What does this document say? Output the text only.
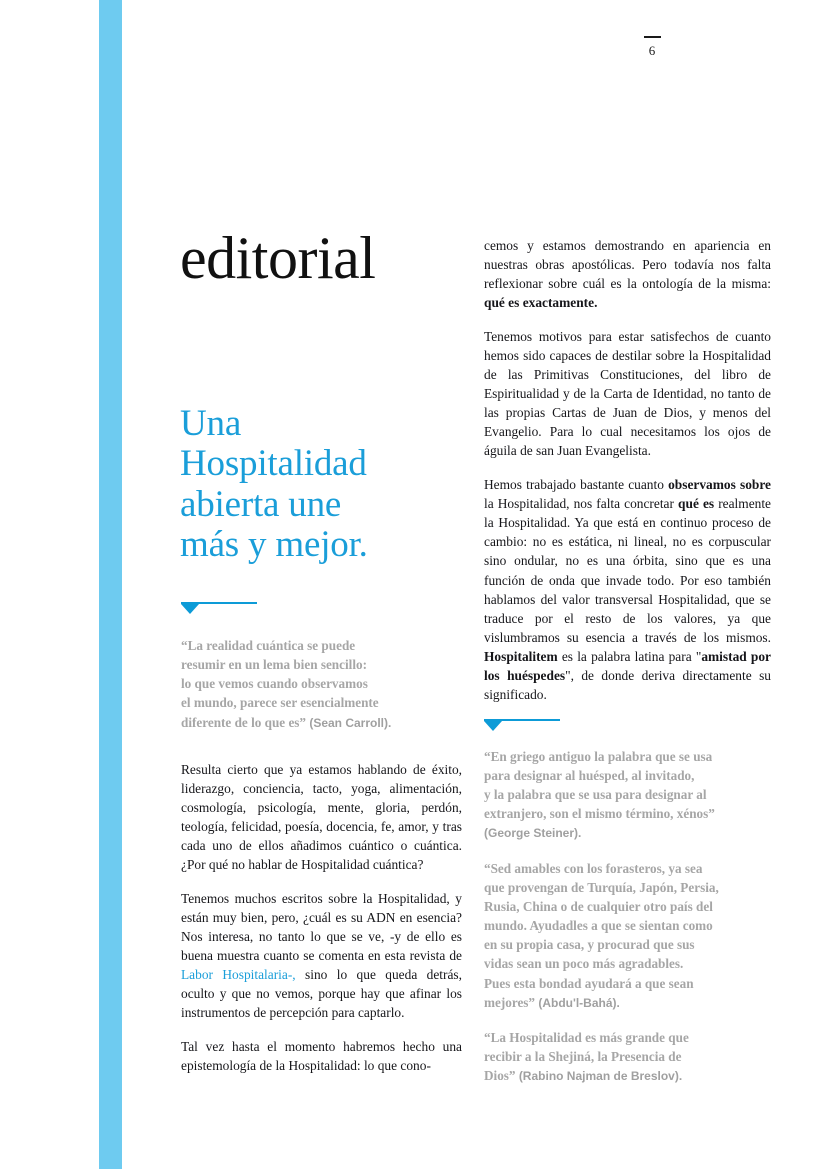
6
editorial
Una
Hospitalidad
abierta une
más y mejor.
“La realidad cuántica se puede
resumir en un lema bien sencillo:
lo que vemos cuando observamos
el mundo, parece ser esencialmente
diferente de lo que es” (Sean Carroll).

Resulta cierto que ya estamos hablando de éxito, liderazgo, conciencia, tacto, yoga, alimentación, cosmología, psicología, mente, gloria, perdón, teología, felicidad, poesía, docencia, fe, amor, y tras cada uno de ellos añadimos cuántico o cuántica. ¿Por qué no hablar de Hospitalidad cuántica?

Tenemos muchos escritos sobre la Hospitalidad, y están muy bien, pero, ¿cuál es su ADN en esencia? Nos interesa, no tanto lo que se ve, -y de ello es buena muestra cuanto se comenta en esta revista de Labor Hospitalaria-, sino lo que queda detrás, oculto y que no vemos, porque hay que afinar los instrumentos de percepción para captarlo.

Tal vez hasta el momento habremos hecho una epistemología de la Hospitalidad: lo que cono-

cemos y estamos demostrando en apariencia en nuestras obras apostólicas. Pero todavía nos falta reflexionar sobre cuál es la ontología de la misma: qué es exactamente.

Tenemos motivos para estar satisfechos de cuanto hemos sido capaces de destilar sobre la Hospitalidad de las Primitivas Constituciones, del libro de Espiritualidad y de la Carta de Identidad, no tanto de las propias Cartas de Juan de Dios, y menos del Evangelio. Para lo cual necesitamos los ojos de águila de san Juan Evangelista.

Hemos trabajado bastante cuanto observamos sobre la Hospitalidad, nos falta concretar qué es realmente la Hospitalidad. Ya que está en continuo proceso de cambio: no es estática, ni lineal, no es corpuscular sino ondular, no es una órbita, sino que es una función de onda que invade todo. Por eso también hablamos del valor transversal Hospitalidad, que se traduce por el resto de los valores, ya que vislumbramos su esencia a través de los mismos. Hospitalitem es la palabra latina para "amistad por los huéspedes", de donde deriva directamente su significado.

“En griego antiguo la palabra que se usa
para designar al huésped, al invitado,
y la palabra que se usa para designar al
extranjero, son el mismo término, xénos”
(George Steiner).
“Sed amables con los forasteros, ya sea
que provengan de Turquía, Japón, Persia,
Rusia, China o de cualquier otro país del
mundo. Ayudadles a que se sientan como
en su propia casa, y procurad que sus
vidas sean un poco más agradables.
Pues esta bondad ayudará a que sean
mejores” (Abdu'l-Bahá).
“La Hospitalidad es más grande que
recibir a la Shejiná, la Presencia de
Dios” (Rabino Najman de Breslov).
